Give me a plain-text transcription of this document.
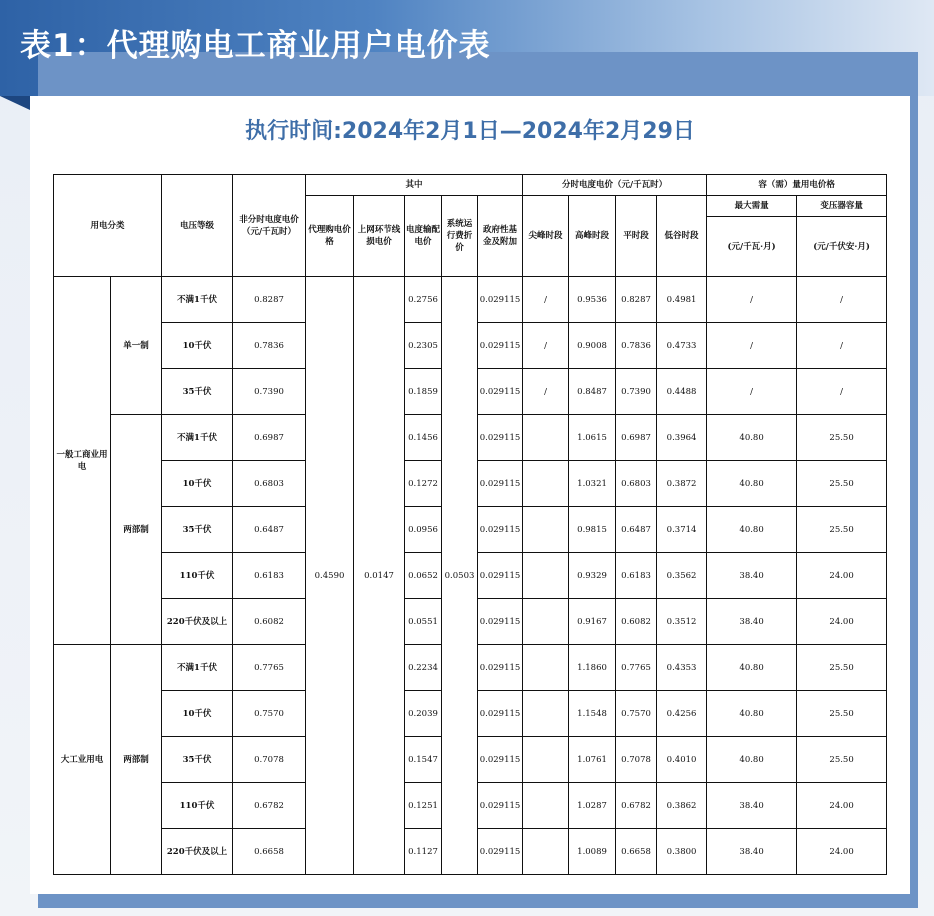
表1：代理购电工商业用户电价表
执行时间:2024年2月1日—2024年2月29日
用电分类		电压等级	非分时电度电价（元/千瓦时）	其中					分时电度电价（元/千瓦时）				容（需）量用电价格	
				代理购电价格	上网环节线损电价	电度输配电价	系统运行费折价	政府性基金及附加	尖峰时段	高峰时段	平时段	低谷时段	最大需量	变压器容量
													(元/千瓦·月)	(元/千伏安·月)
一般工商业用电	单一制	不满1千伏	0.8287	0.4590	0.0147	0.2756	0.0503	0.029115	/	0.9536	0.8287	0.4981	/	/
		10千伏	0.7836			0.2305		0.029115	/	0.9008	0.7836	0.4733	/	/
		35千伏	0.7390			0.1859		0.029115	/	0.8487	0.7390	0.4488	/	/
	两部制	不满1千伏	0.6987			0.1456		0.029115		1.0615	0.6987	0.3964	40.80	25.50
		10千伏	0.6803			0.1272		0.029115		1.0321	0.6803	0.3872	40.80	25.50
		35千伏	0.6487			0.0956		0.029115		0.9815	0.6487	0.3714	40.80	25.50
		110千伏	0.6183			0.0652		0.029115		0.9329	0.6183	0.3562	38.40	24.00
		220千伏及以上	0.6082			0.0551		0.029115		0.9167	0.6082	0.3512	38.40	24.00
大工业用电	两部制	不满1千伏	0.7765			0.2234		0.029115		1.1860	0.7765	0.4353	40.80	25.50
		10千伏	0.7570			0.2039		0.029115		1.1548	0.7570	0.4256	40.80	25.50
		35千伏	0.7078			0.1547		0.029115		1.0761	0.7078	0.4010	40.80	25.50
		110千伏	0.6782			0.1251		0.029115		1.0287	0.6782	0.3862	38.40	24.00
		220千伏及以上	0.6658			0.1127		0.029115		1.0089	0.6658	0.3800	38.40	24.00
